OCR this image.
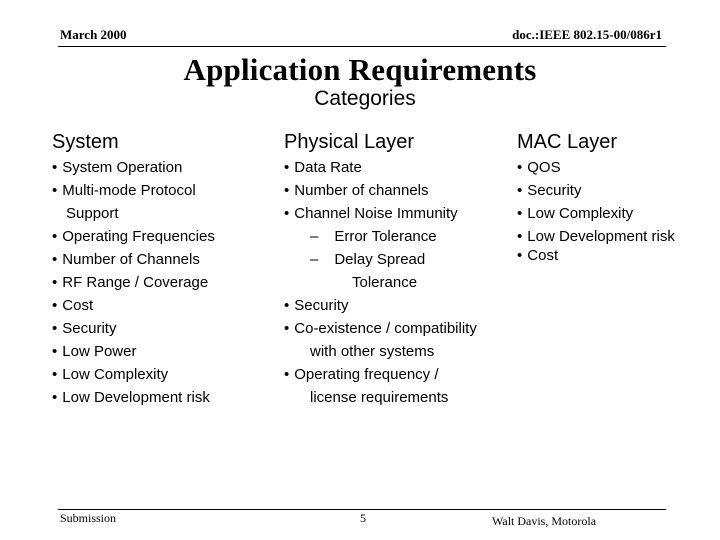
March 2000	doc.:IEEE 802.15-00/086r1
Application Requirements
Categories
System	Physical Layer	MAC Layer
• System Operation
• Multi-mode Protocol
Support
• Operating Frequencies
• Number of Channels
• RF Range / Coverage
• Cost
• Security
• Low Power
• Low Complexity
• Low Development risk
• Data Rate
• Number of channels
• Channel Noise Immunity
– Error Tolerance
– Delay Spread
Tolerance
• Security
• Co-existence / compatibility
with other systems
• Operating frequency /
license requirements
• QOS
• Security
• Low Complexity
• Low Development risk
• Cost
Submission	5	Walt Davis, Motorola
